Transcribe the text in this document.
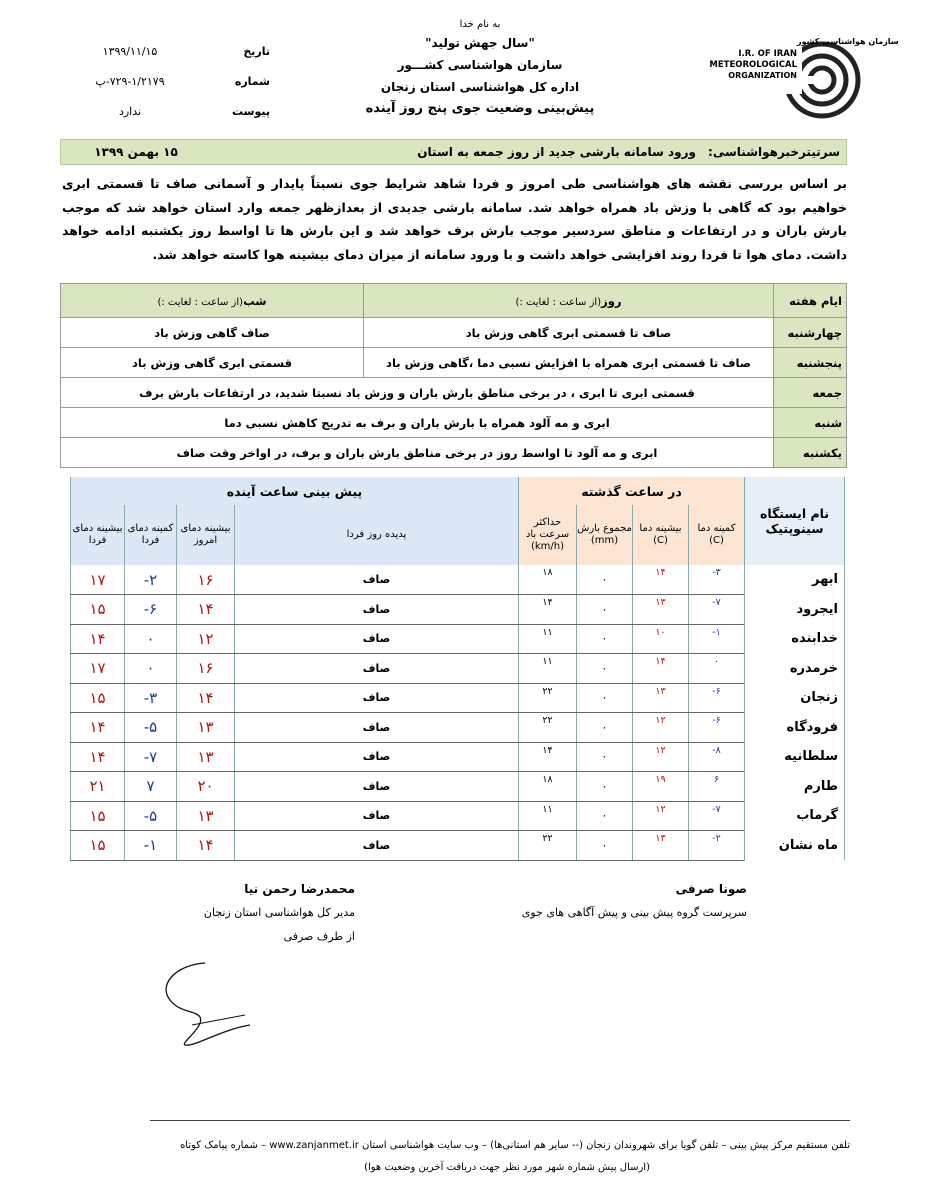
به نام خدا
"سال جهش تولید"
سازمان هواشناسی کشـــور
اداره کل هواشناسی استان زنجان
پیش‌بینی وضعیت جوی پنج روز آینده
تاریخ
۱۳۹۹/۱۱/۱۵
شماره
۷۲۹-۱/۲۱۷۹-پ
پیوست
ندارد
سازمان هواشناسی کشور
I.R. OF IRAN
METEOROLOGICAL
ORGANIZATION
سرتیترخبرهواشناسی:
ورود سامانه بارشی جدید از روز جمعه به استان
۱۵ بهمن ۱۳۹۹
بر اساس بررسی نقشه های هواشناسی طی امروز و فردا شاهد شرایط جوی نسبتاً پایدار و آسمانی صاف تا قسمتی ابری خواهیم بود که گاهی با وزش باد همراه خواهد شد. سامانه بارشی جدیدی از بعدازظهر جمعه وارد استان خواهد شد که موجب بارش باران و در ارتفاعات و مناطق سردسیر موجب بارش برف خواهد شد و این بارش ها تا اواسط روز یکشنبه ادامه خواهد داشت. دمای هوا تا فردا روند افزایشی خواهد داشت و با ورود سامانه از میزان دمای بیشینه هوا کاسته خواهد شد.
ایام هفته	روز(از ساعت : لغایت :)	شب(از ساعت : لغایت :)
چهارشنبه	صاف تا قسمتی ابری گاهی وزش باد	صاف گاهی وزش باد
پنجشنبه	صاف تا قسمتی ابری همراه با افزایش نسبی دما ،گاهی وزش باد	قسمتی ابری گاهی وزش باد
جمعه	قسمتی ابری تا ابری ، در برخی مناطق بارش باران و وزش باد نسبتا شدید، در ارتفاعات بارش برف	
شنبه	ابری و مه آلود همراه با بارش باران و برف به تدریج کاهش نسبی دما	
یکشنبه	ابری و مه آلود تا اواسط روز در برخی مناطق بارش باران و برف، در اواخر وقت صاف	
نام ایستگاه سینوپتیک	در ساعت گذشته				پیش بینی ساعت آینده			
	کمینه دما (C)	بیشینه دما (C)	مجموع بارش (mm)	حداکثر سرعت باد (km/h)	پدیده روز فردا	بیشینه دمای امروز	کمینه دمای فردا	بیشینه دمای فردا
ابهر	۳-	۱۴	۰	۱۸	صاف	۱۶	۲-	۱۷
ایجرود	۷-	۱۳	۰	۱۴	صاف	۱۴	۶-	۱۵
خدابنده	۱-	۱۰	۰	۱۱	صاف	۱۲	۰	۱۴
خرمدره	۰	۱۴	۰	۱۱	صاف	۱۶	۰	۱۷
زنجان	۶-	۱۳	۰	۲۲	صاف	۱۴	۳-	۱۵
فرودگاه	۶-	۱۲	۰	۲۲	صاف	۱۳	۵-	۱۴
سلطانیه	۸-	۱۲	۰	۱۴	صاف	۱۳	۷-	۱۴
طارم	۶	۱۹	۰	۱۸	صاف	۲۰	۷	۲۱
گرماب	۷-	۱۲	۰	۱۱	صاف	۱۳	۵-	۱۵
ماه نشان	۲-	۱۳	۰	۲۲	صاف	۱۴	۱-	۱۵
صونا صرفی
سرپرست گروه پیش بینی و پیش آگاهی های جوی
محمدرضا رحمن نیا
مدیر کل هواشناسی استان زنجان
از طرف صرفی
تلفن مستقیم مرکز پیش بینی – تلفن گویا برای شهروندان زنجان (-- سایر هم استانی‌ها) – وب سایت هواشناسی استان www.zanjanmet.ir – شماره پیامک کوتاه
(ارسال پیش شماره شهر مورد نظر جهت دریافت آخرین وضعیت هوا)
